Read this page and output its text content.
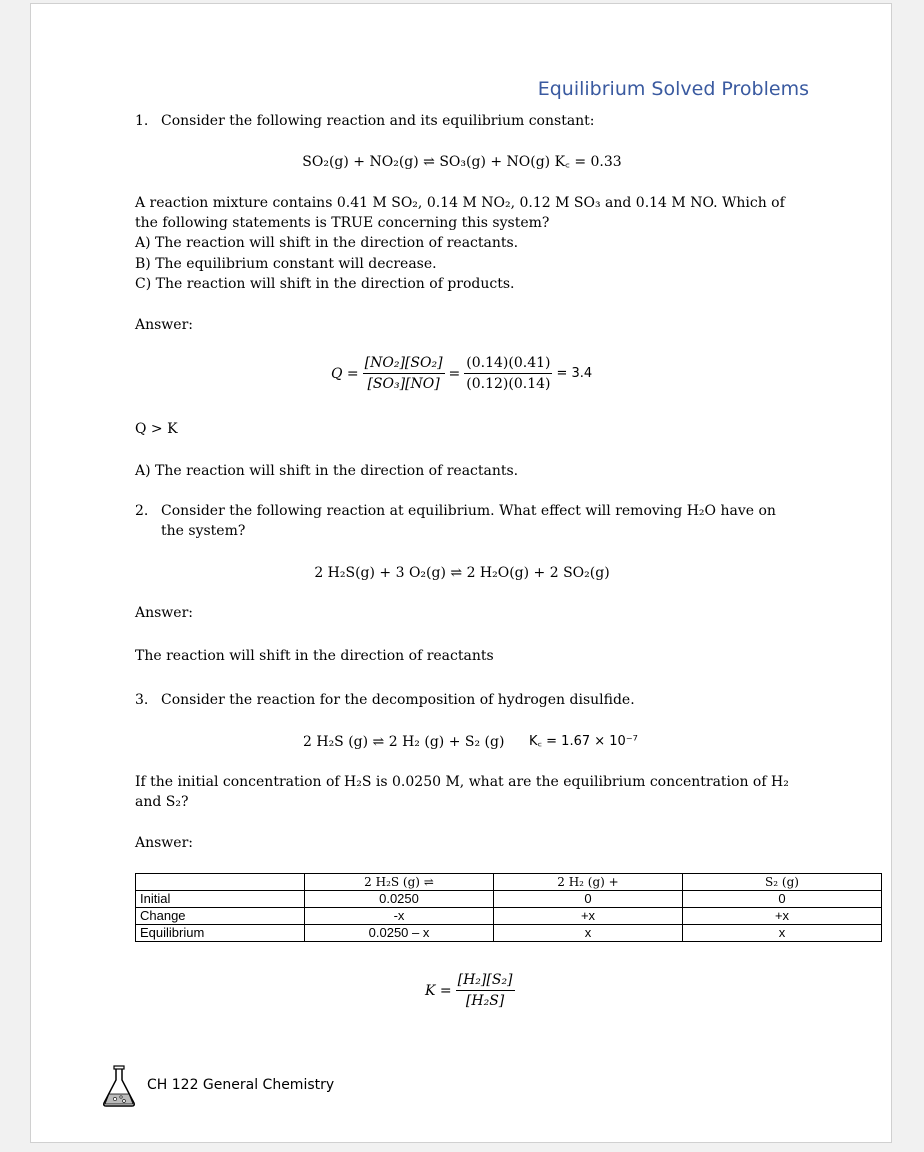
Equilibrium Solved Problems
1. Consider the following reaction and its equilibrium constant:
SO₂(g) + NO₂(g) ⇌ SO₃(g) + NO(g) K꜀ = 0.33
A reaction mixture contains 0.41 M SO₂, 0.14 M NO₂, 0.12 M SO₃ and 0.14 M NO. Which of
the following statements is TRUE concerning this system?
A) The reaction will shift in the direction of reactants.
B) The equilibrium constant will decrease.
C) The reaction will shift in the direction of products.
Answer:
$Q = \frac{\text{[NO₂][SO₂]}}{\text{[SO₃][NO]}} = \frac{(0.14)(0.41)}{(0.12)(0.14)} = 3.4$
Q > K
A) The reaction will shift in the direction of reactants.
2. Consider the following reaction at equilibrium. What effect will removing H₂O have on
the system?
2 H₂S(g) + 3 O₂(g) ⇌ 2 H₂O(g) + 2 SO₂(g)
Answer:
The reaction will shift in the direction of reactants
3. Consider the reaction for the decomposition of hydrogen disulfide.
2 H₂S (g) ⇌ 2 H₂ (g) + S₂ (g) K꜀ = 1.67 × 10⁻⁷
If the initial concentration of H₂S is 0.0250 M, what are the equilibrium concentration of H₂
and S₂?
Answer:
	2 H₂S (g) ⇌	2 H₂ (g) +	S₂ (g)
Initial	0.0250	0	0
Change	-x	+x	+x
Equilibrium	0.0250 – x	x	x
$K = \frac{\text{[H₂][S₂]}}{\text{[H₂S]}}$
CH 122 General Chemistry
